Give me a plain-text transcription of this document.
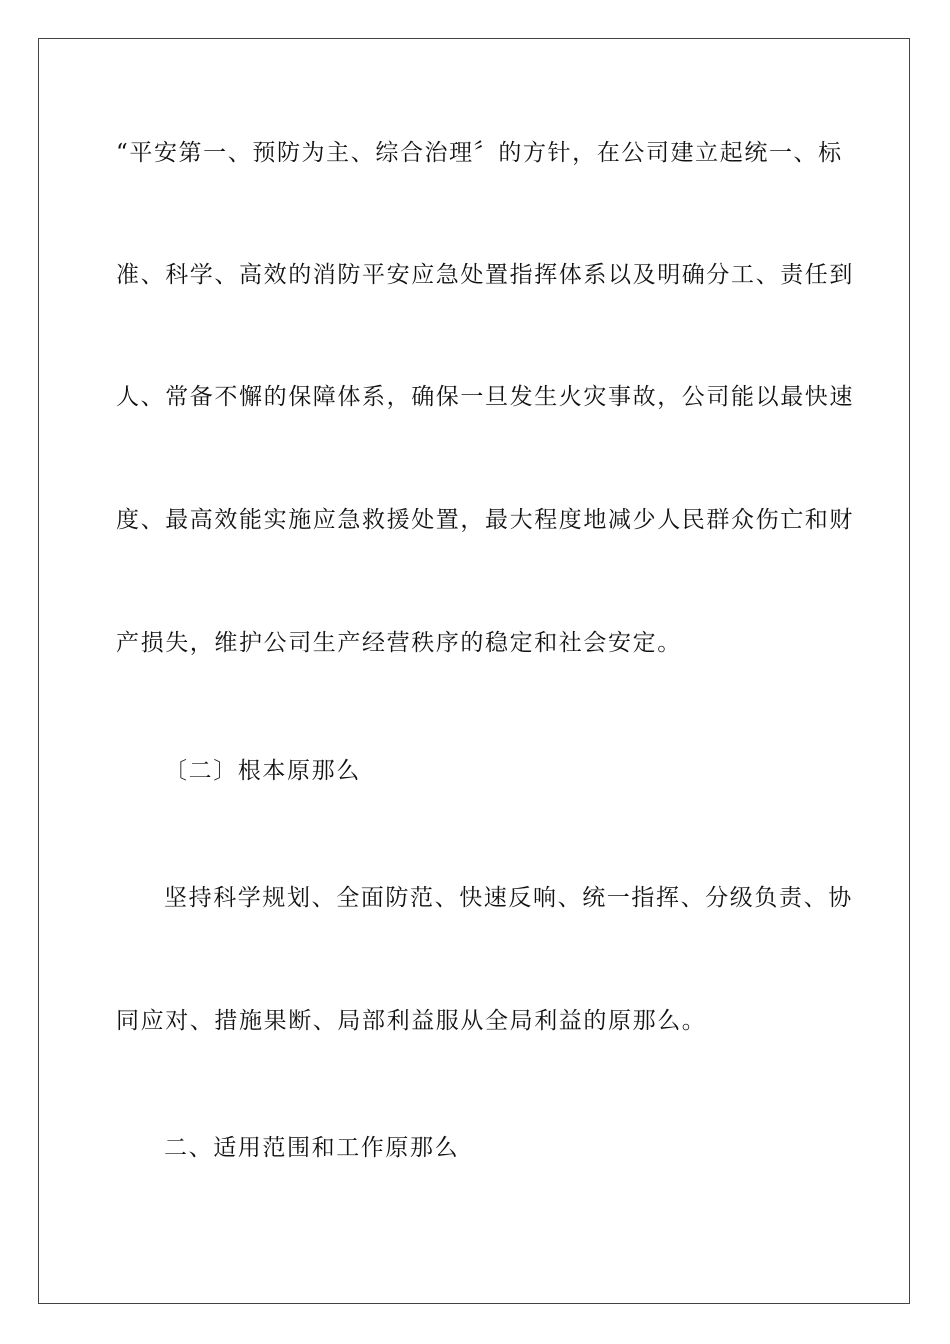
“平安第一、预防为主、综合治理〞的方针，在公司建立起统一、标
准、科学、高效的消防平安应急处置指挥体系以及明确分工、责任到
人、常备不懈的保障体系，确保一旦发生火灾事故，公司能以最快速
度、最高效能实施应急救援处置，最大程度地减少人民群众伤亡和财
产损失，维护公司生产经营秩序的稳定和社会安定。
〔二〕根本原那么
坚持科学规划、全面防范、快速反响、统一指挥、分级负责、协
同应对、措施果断、局部利益服从全局利益的原那么。
二、适用范围和工作原那么
